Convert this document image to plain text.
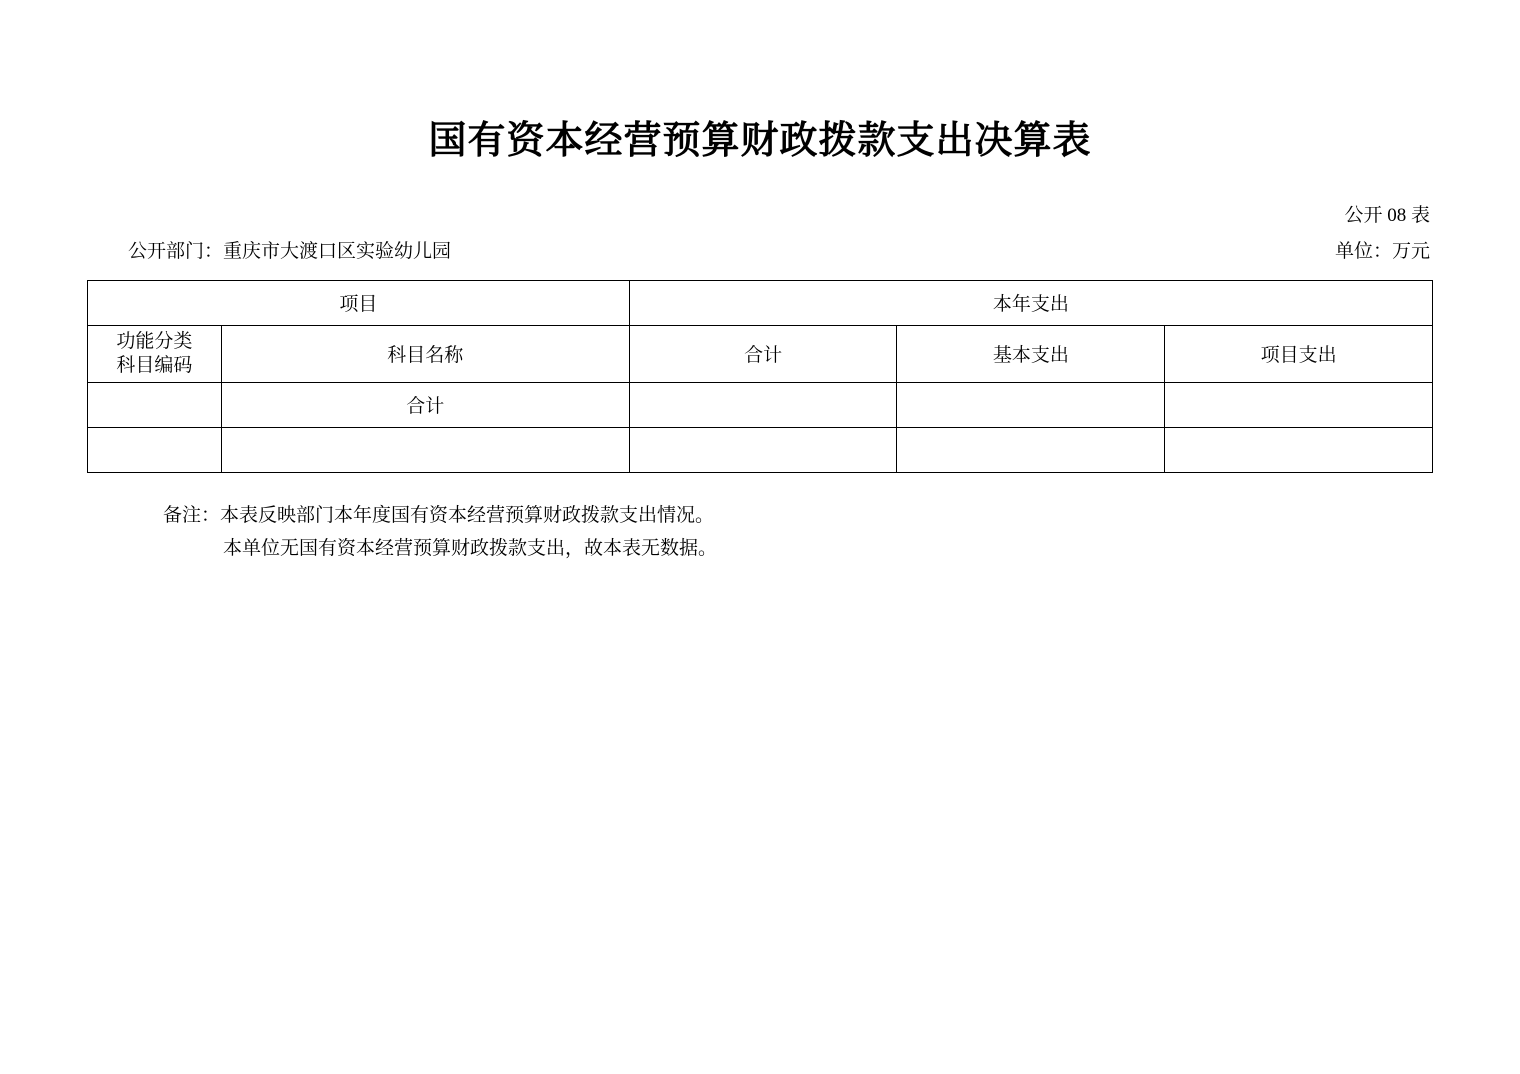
国有资本经营预算财政拨款支出决算表
公开 08 表
公开部门：重庆市大渡口区实验幼儿园	单位：万元
项目		本年支出		

功能分类
科目编码	科目名称	合计	基本支出	项目支出
	合计			

备注：本表反映部门本年度国有资本经营预算财政拨款支出情况。
本单位无国有资本经营预算财政拨款支出，故本表无数据。
